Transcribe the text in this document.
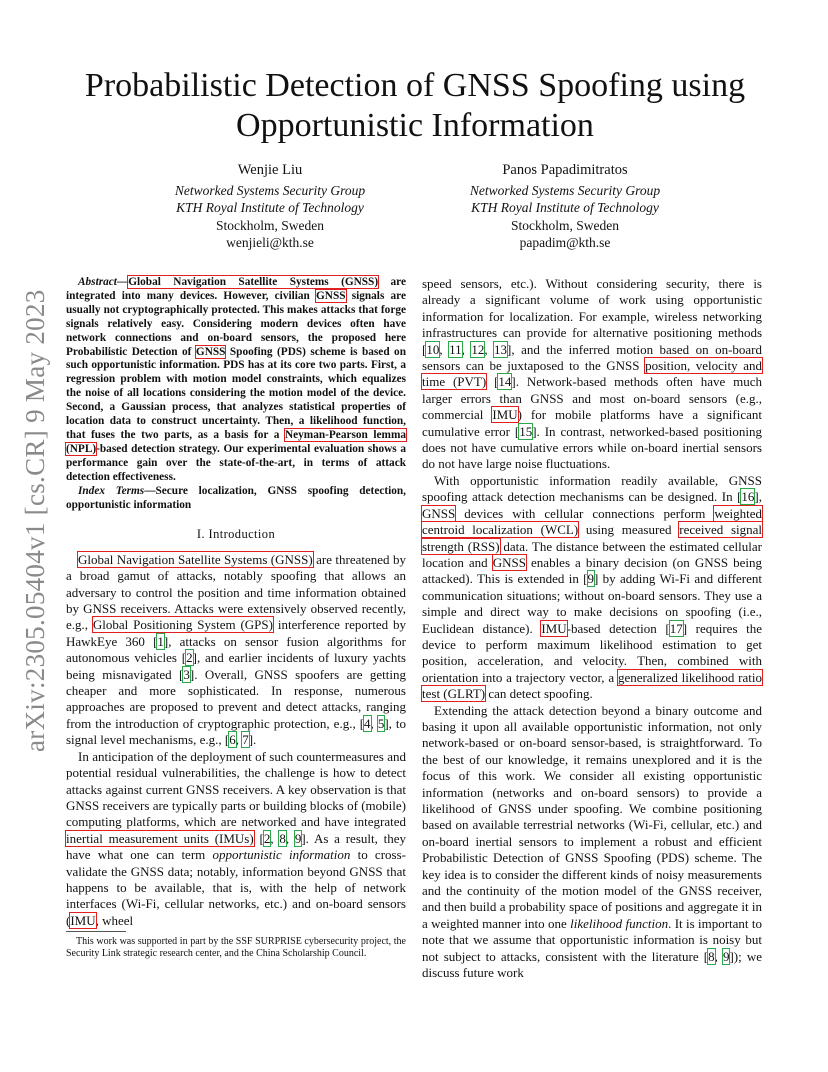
arXiv:2305.05404v1 [cs.CR] 9 May 2023
Probabilistic Detection of GNSS Spoofing using Opportunistic Information
Wenjie Liu
Networked Systems Security Group
KTH Royal Institute of Technology
Stockholm, Sweden
wenjieli@kth.se
Panos Papadimitratos
Networked Systems Security Group
KTH Royal Institute of Technology
Stockholm, Sweden
papadim@kth.se

Abstract—Global Navigation Satellite Systems (GNSS) are integrated into many devices. However, civilian GNSS signals are usually not cryptographically protected. This makes attacks that forge signals relatively easy. Considering modern devices often have network connections and on-board sensors, the proposed here Probabilistic Detection of GNSS Spoofing (PDS) scheme is based on such opportunistic information. PDS has at its core two parts. First, a regression problem with motion model constraints, which equalizes the noise of all locations considering the motion model of the device. Second, a Gaussian process, that analyzes statistical properties of location data to construct uncertainty. Then, a likelihood function, that fuses the two parts, as a basis for a Neyman-Pearson lemma (NPL)-based detection strategy. Our experimental evaluation shows a performance gain over the state-of-the-art, in terms of attack detection effectiveness.

Index Terms—Secure localization, GNSS spoofing detection, opportunistic information

I. Introduction

Global Navigation Satellite Systems (GNSS) are threatened by a broad gamut of attacks, notably spoofing that allows an adversary to control the position and time information obtained by GNSS receivers. Attacks were extensively observed recently, e.g., Global Positioning System (GPS) interference reported by HawkEye 360 [1], attacks on sensor fusion algorithms for autonomous vehicles [2], and earlier incidents of luxury yachts being misnavigated [3]. Overall, GNSS spoofers are getting cheaper and more sophisticated. In response, numerous approaches are proposed to prevent and detect attacks, ranging from the introduction of cryptographic protection, e.g., [4, 5], to signal level mechanisms, e.g., [6, 7].

In anticipation of the deployment of such countermeasures and potential residual vulnerabilities, the challenge is how to detect attacks against current GNSS receivers. A key observation is that GNSS receivers are typically parts or building blocks of (mobile) computing platforms, which are networked and have integrated inertial measurement units (IMUs) [2, 8, 9]. As a result, they have what one can term opportunistic information to cross-validate the GNSS data; notably, information beyond GNSS that happens to be available, that is, with the help of network interfaces (Wi-Fi, cellular networks, etc.) and on-board sensors (IMU, wheel

This work was supported in part by the SSF SURPRISE cybersecurity project, the Security Link strategic research center, and the China Scholarship Council.

speed sensors, etc.). Without considering security, there is already a significant volume of work using opportunistic information for localization. For example, wireless networking infrastructures can provide for alternative positioning methods [10, 11, 12, 13], and the inferred motion based on on-board sensors can be juxtaposed to the GNSS position, velocity and time (PVT) [14]. Network-based methods often have much larger errors than GNSS and most on-board sensors (e.g., commercial IMU) for mobile platforms have a significant cumulative error [15]. In contrast, networked-based positioning does not have cumulative errors while on-board inertial sensors do not have large noise fluctuations.

With opportunistic information readily available, GNSS spoofing attack detection mechanisms can be designed. In [16], GNSS devices with cellular connections perform weighted centroid localization (WCL) using measured received signal strength (RSS) data. The distance between the estimated cellular location and GNSS enables a binary decision (on GNSS being attacked). This is extended in [9] by adding Wi-Fi and different communication situations; without on-board sensors. They use a simple and direct way to make decisions on spoofing (i.e., Euclidean distance). IMU-based detection [17] requires the device to perform maximum likelihood estimation to get position, acceleration, and velocity. Then, combined with orientation into a trajectory vector, a generalized likelihood ratio test (GLRT) can detect spoofing.

Extending the attack detection beyond a binary outcome and basing it upon all available opportunistic information, not only network-based or on-board sensor-based, is straightforward. To the best of our knowledge, it remains unexplored and it is the focus of this work. We consider all existing opportunistic information (networks and on-board sensors) to provide a likelihood of GNSS under spoofing. We combine positioning based on available terrestrial networks (Wi-Fi, cellular, etc.) and on-board inertial sensors to implement a robust and efficient Probabilistic Detection of GNSS Spoofing (PDS) scheme. The key idea is to consider the different kinds of noisy measurements and the continuity of the motion model of the GNSS receiver, and then build a probability space of positions and aggregate it in a weighted manner into one likelihood function. It is important to note that we assume that opportunistic information is noisy but not subject to attacks, consistent with the literature [8, 9]); we discuss future work
